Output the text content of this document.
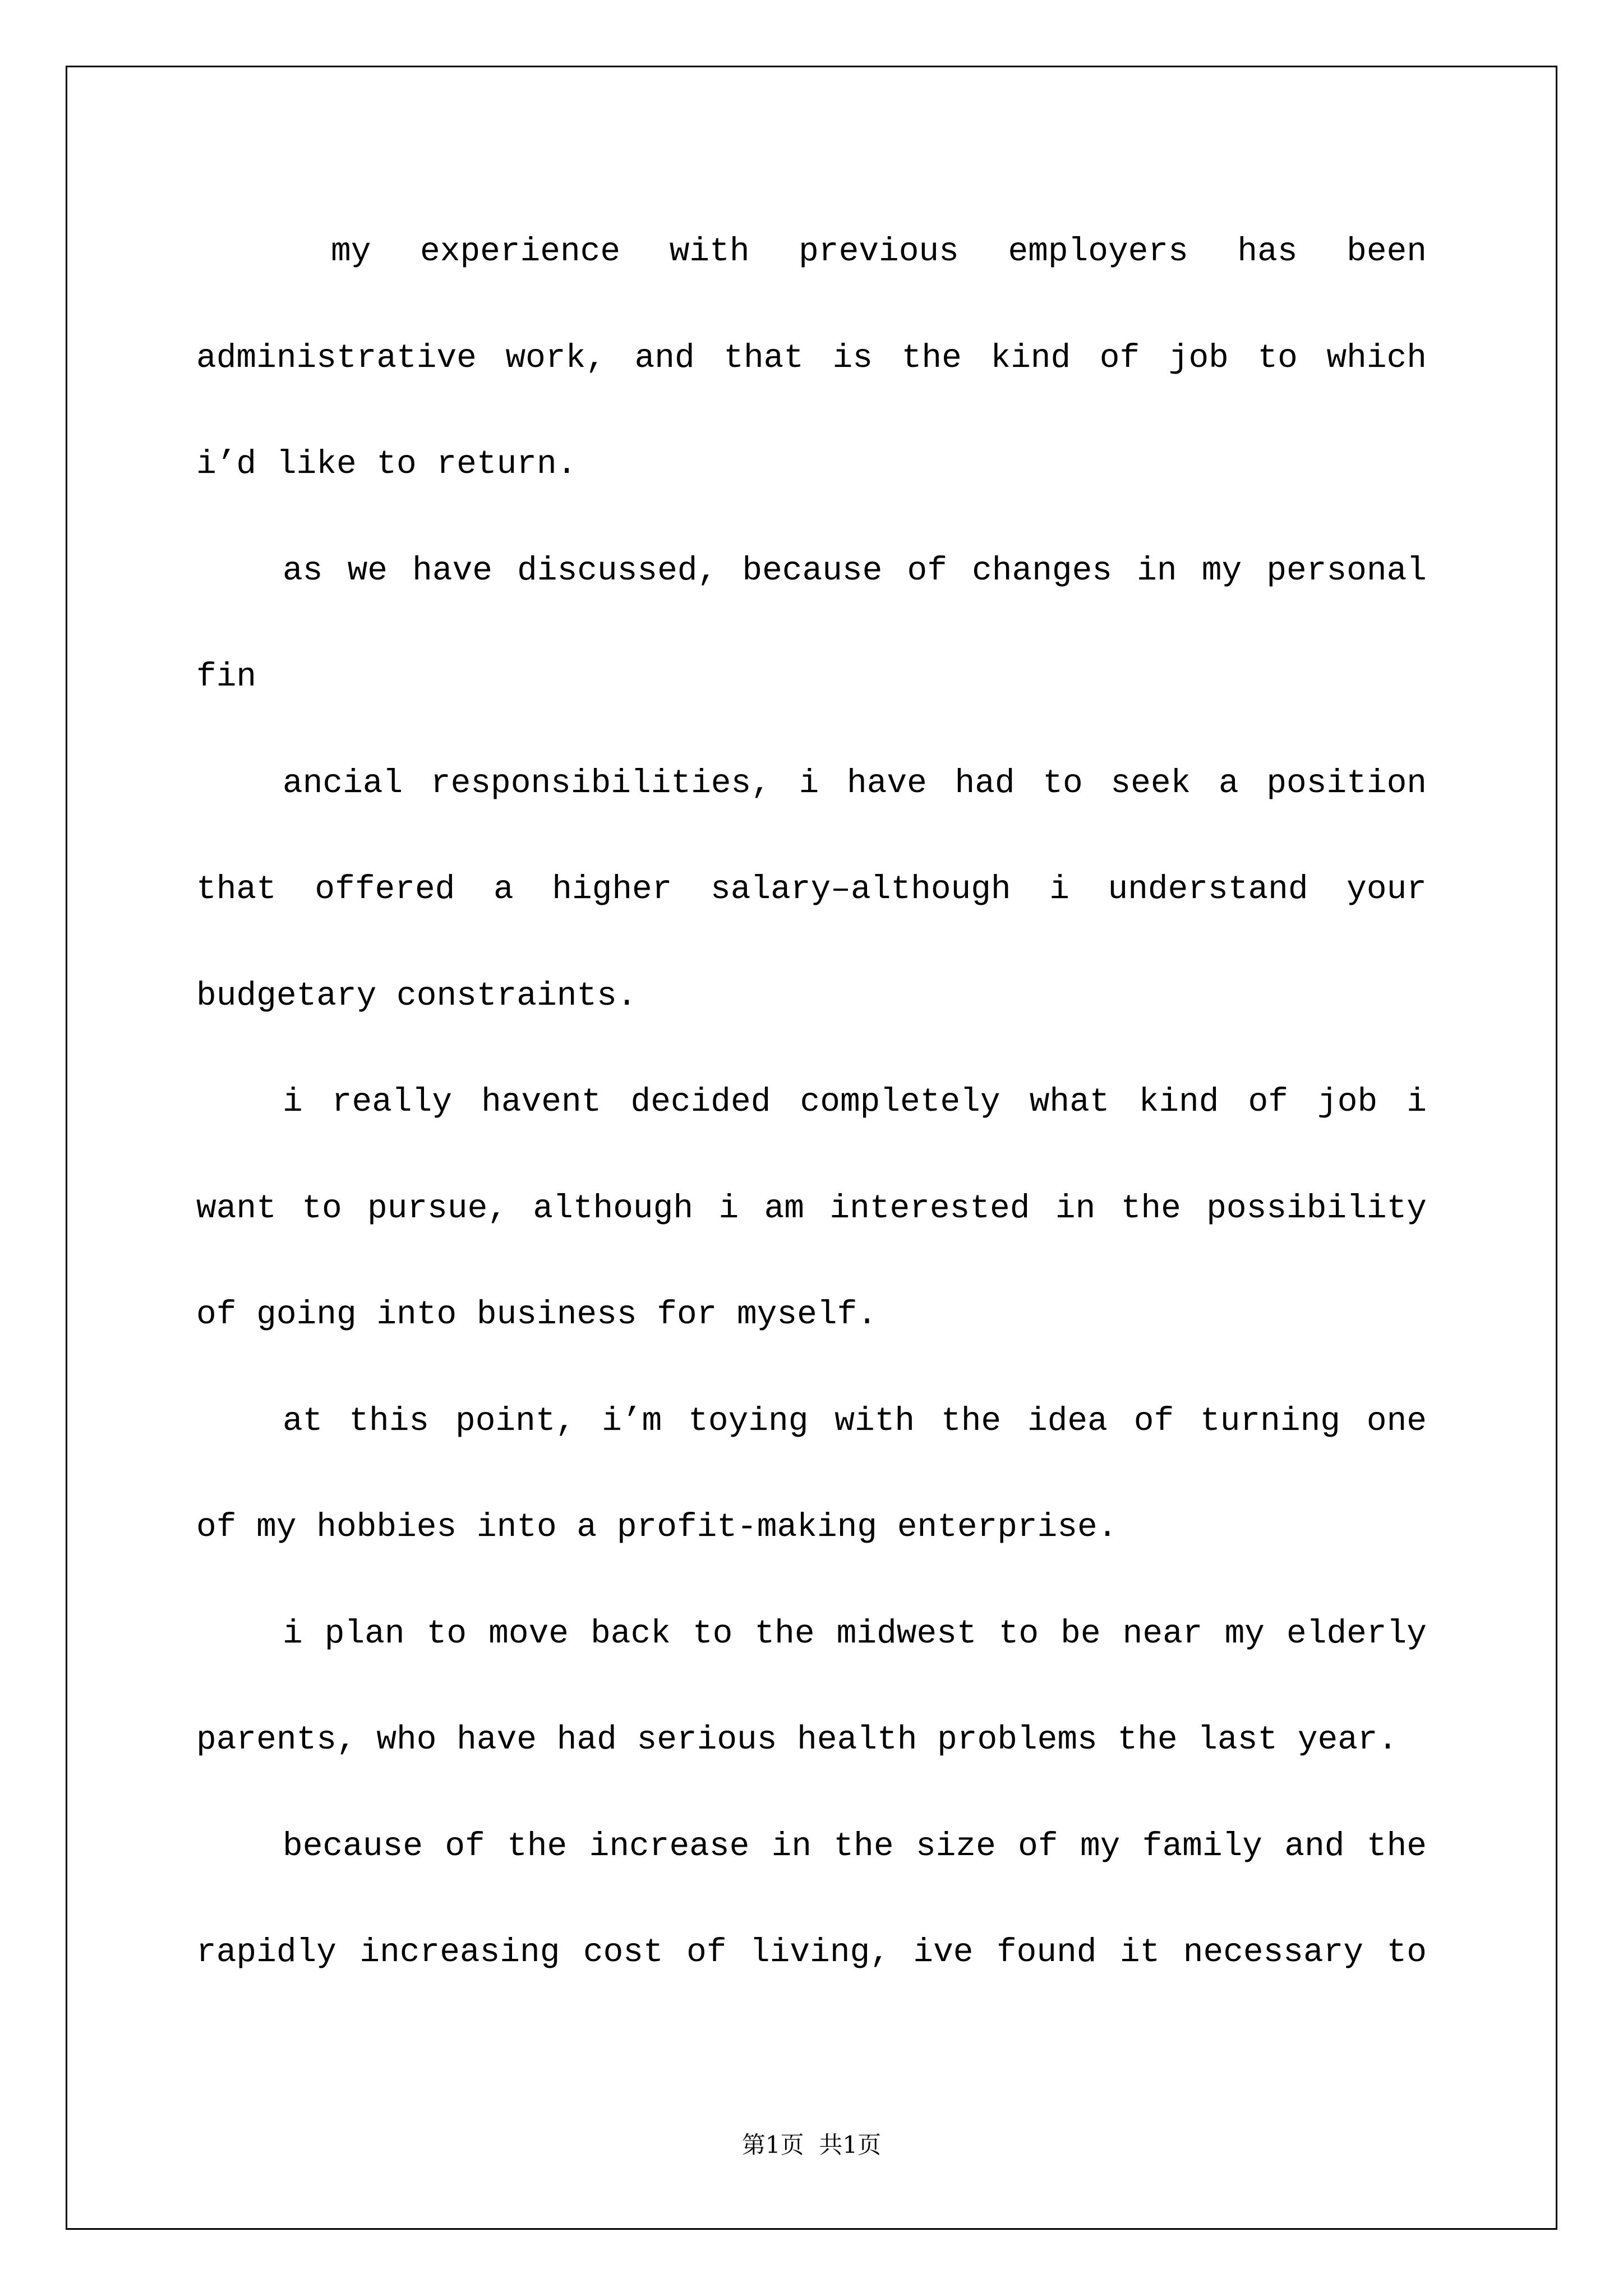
my experience with previous employers has been
administrative work, and that is the kind of job to which
i’d like to return.
as we have discussed, because of changes in my personal
fin
ancial responsibilities, i have had to seek a position
that offered a higher salary–although i understand your
budgetary constraints.
i really havent decided completely what kind of job i
want to pursue, although i am interested in the possibility
of going into business for myself.
at this point, i’m toying with the idea of turning one
of my hobbies into a profit-making enterprise.
i plan to move back to the midwest to be near my elderly
parents, who have had serious health problems the last year.
because of the increase in the size of my family and the
rapidly increasing cost of living, ive found it necessary to
第1页  共1页
